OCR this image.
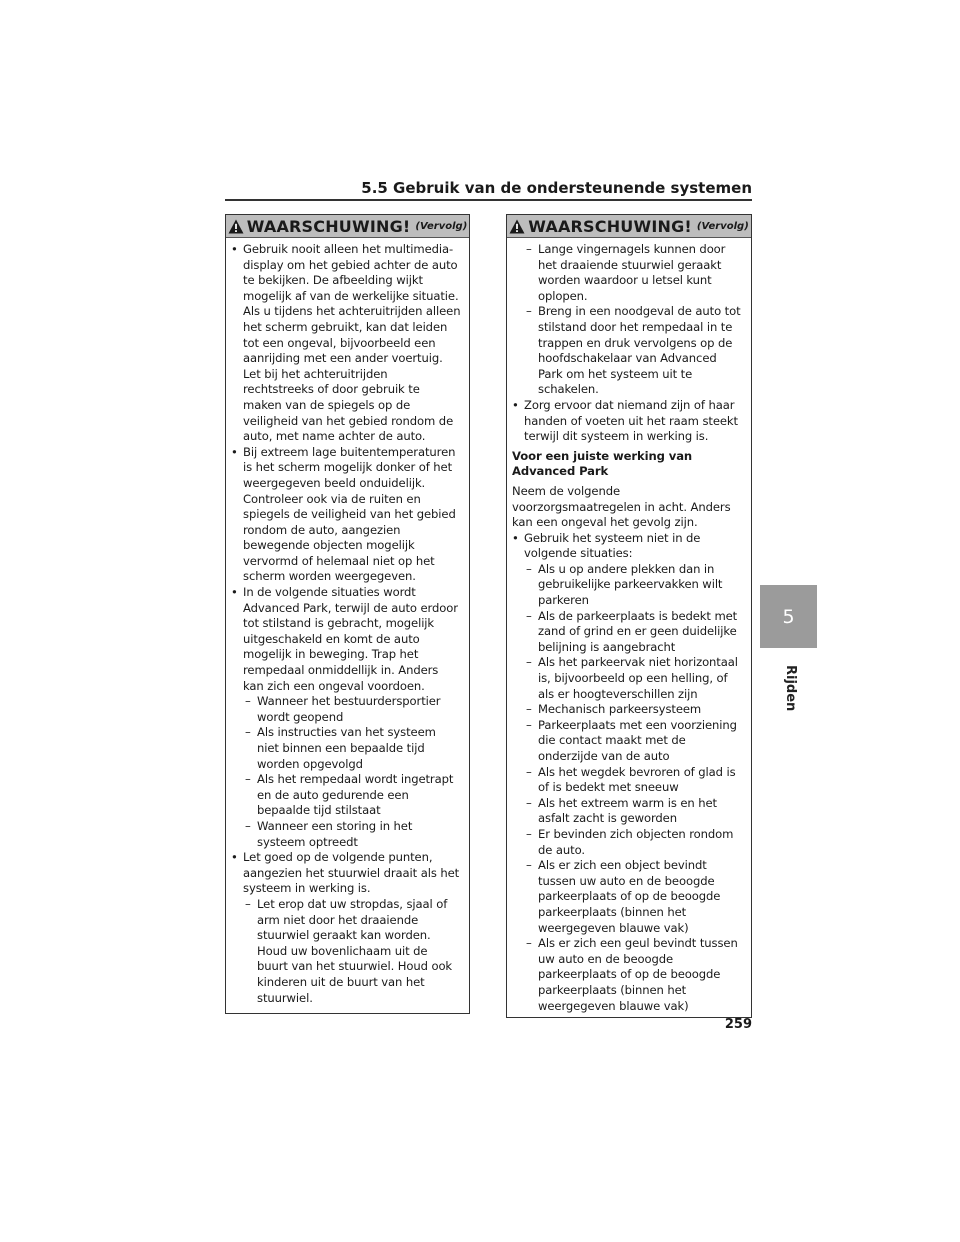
5.5 Gebruik van de ondersteunende systemen
5
Rijden
WAARSCHUWING! (Vervolg)
• Gebruik nooit alleen het multimedia-display om het gebied achter de auto te bekijken. De afbeelding wijkt mogelijk af van de werkelijke situatie. Als u tijdens het achteruitrijden alleen het scherm gebruikt, kan dat leiden tot een ongeval, bijvoorbeeld een aanrijding met een ander voertuig. Let bij het achteruitrijden rechtstreeks of door gebruik te maken van de spiegels op de veiligheid van het gebied rondom de auto, met name achter de auto.
• Bij extreem lage buitentemperaturen is het scherm mogelijk donker of het weergegeven beeld onduidelijk. Controleer ook via de ruiten en spiegels de veiligheid van het gebied rondom de auto, aangezien bewegende objecten mogelijk vervormd of helemaal niet op het scherm worden weergegeven.
• In de volgende situaties wordt Advanced Park, terwijl de auto erdoor tot stilstand is gebracht, mogelijk uitgeschakeld en komt de auto mogelijk in beweging. Trap het rempedaal onmiddellijk in. Anders kan zich een ongeval voordoen.
– Wanneer het bestuurdersportier wordt geopend
– Als instructies van het systeem niet binnen een bepaalde tijd worden opgevolgd
– Als het rempedaal wordt ingetrapt en de auto gedurende een bepaalde tijd stilstaat
– Wanneer een storing in het systeem optreedt
• Let goed op de volgende punten, aangezien het stuurwiel draait als het systeem in werking is.
– Let erop dat uw stropdas, sjaal of arm niet door het draaiende stuurwiel geraakt kan worden. Houd uw bovenlichaam uit de buurt van het stuurwiel. Houd ook kinderen uit de buurt van het stuurwiel.
WAARSCHUWING! (Vervolg)
– Lange vingernagels kunnen door het draaiende stuurwiel geraakt worden waardoor u letsel kunt oplopen.
– Breng in een noodgeval de auto tot stilstand door het rempedaal in te trappen en druk vervolgens op de hoofdschakelaar van Advanced Park om het systeem uit te schakelen.
• Zorg ervoor dat niemand zijn of haar handen of voeten uit het raam steekt terwijl dit systeem in werking is.
Voor een juiste werking van Advanced Park
Neem de volgende voorzorgsmaatregelen in acht. Anders kan een ongeval het gevolg zijn.
• Gebruik het systeem niet in de volgende situaties:
– Als u op andere plekken dan in gebruikelijke parkeervakken wilt parkeren
– Als de parkeerplaats is bedekt met zand of grind en er geen duidelijke belijning is aangebracht
– Als het parkeervak niet horizontaal is, bijvoorbeeld op een helling, of als er hoogteverschillen zijn
– Mechanisch parkeersysteem
– Parkeerplaats met een voorziening die contact maakt met de onderzijde van de auto
– Als het wegdek bevroren of glad is of is bedekt met sneeuw
– Als het extreem warm is en het asfalt zacht is geworden
– Er bevinden zich objecten rondom de auto.
– Als er zich een object bevindt tussen uw auto en de beoogde parkeerplaats of op de beoogde parkeerplaats (binnen het weergegeven blauwe vak)
– Als er zich een geul bevindt tussen uw auto en de beoogde parkeerplaats of op de beoogde parkeerplaats (binnen het weergegeven blauwe vak)
259
